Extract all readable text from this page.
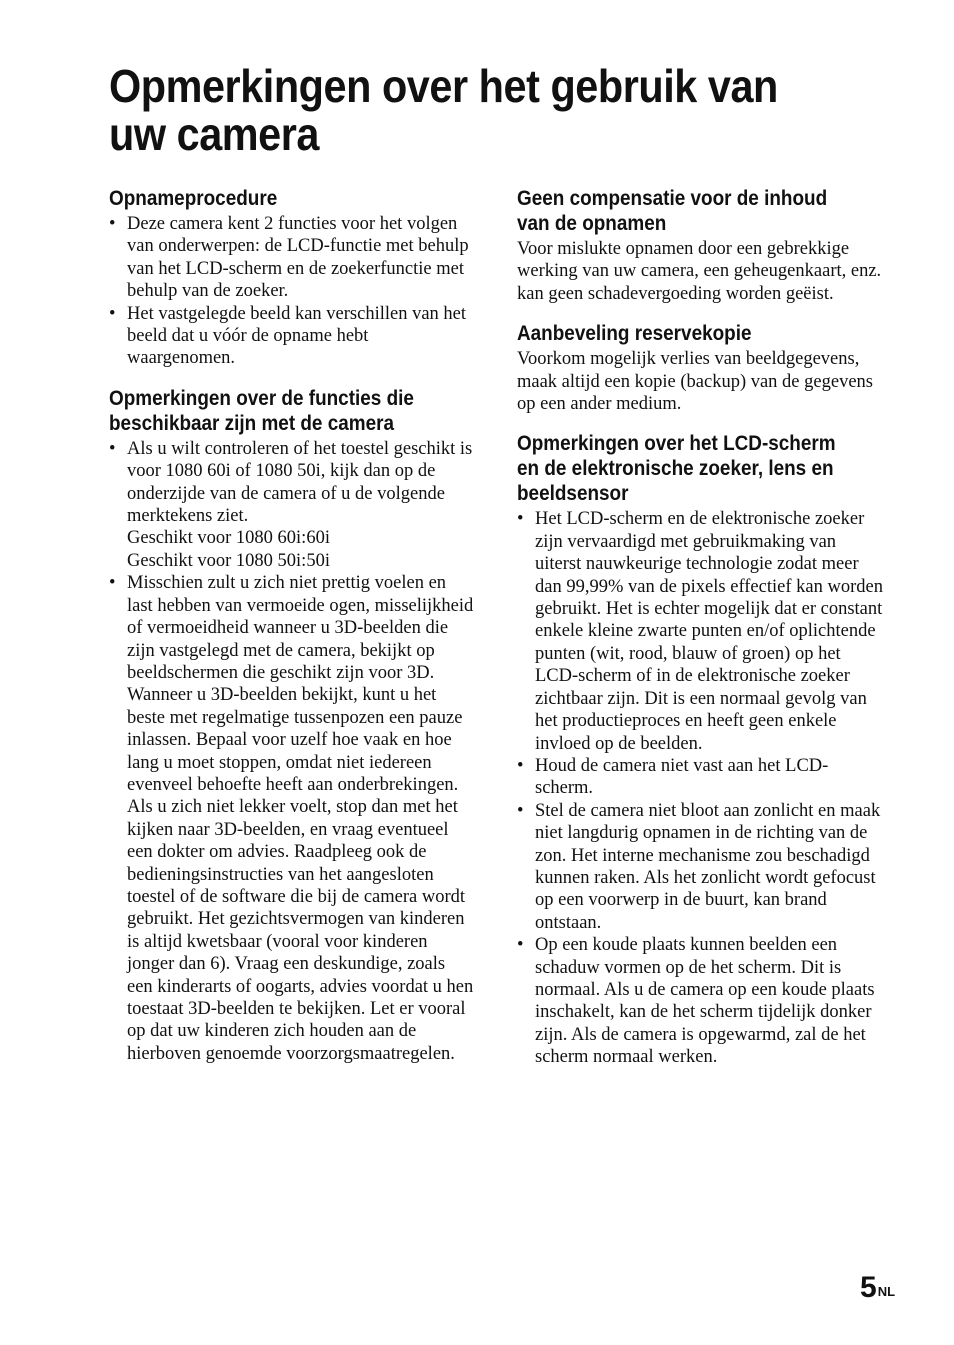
Opmerkingen over het gebruik van uw camera
Opnameprocedure
• Deze camera kent 2 functies voor het volgen van onderwerpen: de LCD-functie met behulp van het LCD-scherm en de zoekerfunctie met behulp van de zoeker.
• Het vastgelegde beeld kan verschillen van het beeld dat u vóór de opname hebt waargenomen.
Opmerkingen over de functies die
beschikbaar zijn met de camera
• Als u wilt controleren of het toestel geschikt is voor 1080 60i of 1080 50i, kijk dan op de onderzijde van de camera of u de volgende merktekens ziet.
Geschikt voor 1080 60i:60i
Geschikt voor 1080 50i:50i
• Misschien zult u zich niet prettig voelen en last hebben van vermoeide ogen, misselijkheid of vermoeidheid wanneer u 3D-beelden die zijn vastgelegd met de camera, bekijkt op beeldschermen die geschikt zijn voor 3D. Wanneer u 3D-beelden bekijkt, kunt u het beste met regelmatige tussenpozen een pauze inlassen. Bepaal voor uzelf hoe vaak en hoe lang u moet stoppen, omdat niet iedereen evenveel behoefte heeft aan onderbrekingen. Als u zich niet lekker voelt, stop dan met het kijken naar 3D-beelden, en vraag eventueel een dokter om advies. Raadpleeg ook de bedieningsinstructies van het aangesloten toestel of de software die bij de camera wordt gebruikt. Het gezichtsvermogen van kinderen is altijd kwetsbaar (vooral voor kinderen jonger dan 6). Vraag een deskundige, zoals een kinderarts of oogarts, advies voordat u hen toestaat 3D-beelden te bekijken. Let er vooral op dat uw kinderen zich houden aan de hierboven genoemde voorzorgsmaatregelen.
Geen compensatie voor de inhoud
van de opnamen

Voor mislukte opnamen door een gebrekkige werking van uw camera, een geheugenkaart, enz. kan geen schadevergoeding worden geëist.

Aanbeveling reservekopie

Voorkom mogelijk verlies van beeldgegevens, maak altijd een kopie (backup) van de gegevens op een ander medium.

Opmerkingen over het LCD-scherm
en de elektronische zoeker, lens en
beeldsensor
• Het LCD-scherm en de elektronische zoeker zijn vervaardigd met gebruikmaking van uiterst nauwkeurige technologie zodat meer dan 99,99% van de pixels effectief kan worden gebruikt. Het is echter mogelijk dat er constant enkele kleine zwarte punten en/of oplichtende punten (wit, rood, blauw of groen) op het LCD-scherm of in de elektronische zoeker zichtbaar zijn. Dit is een normaal gevolg van het productieproces en heeft geen enkele invloed op de beelden.
• Houd de camera niet vast aan het LCD-scherm.
• Stel de camera niet bloot aan zonlicht en maak niet langdurig opnamen in de richting van de zon. Het interne mechanisme zou beschadigd kunnen raken. Als het zonlicht wordt gefocust op een voorwerp in de buurt, kan brand ontstaan.
• Op een koude plaats kunnen beelden een schaduw vormen op de het scherm. Dit is normaal. Als u de camera op een koude plaats inschakelt, kan de het scherm tijdelijk donker zijn. Als de camera is opgewarmd, zal de het scherm normaal werken.
$5^{NL}$
